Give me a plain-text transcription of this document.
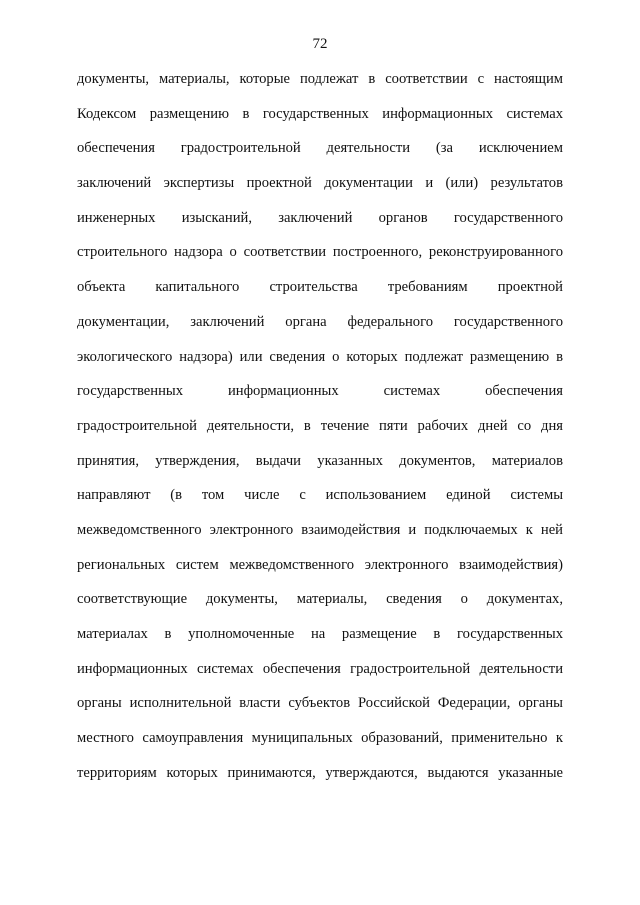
72
документы, материалы, которые подлежат в соответствии с настоящим
Кодексом размещению в государственных информационных системах
обеспечения градостроительной деятельности (за исключением
заключений экспертизы проектной документации и (или) результатов
инженерных изысканий, заключений органов государственного
строительного надзора о соответствии построенного, реконструированного
объекта капитального строительства требованиям проектной
документации, заключений органа федерального государственного
экологического надзора) или сведения о которых подлежат размещению в
государственных информационных системах обеспечения
градостроительной деятельности, в течение пяти рабочих дней со дня
принятия, утверждения, выдачи указанных документов, материалов
направляют (в том числе с использованием единой системы
межведомственного электронного взаимодействия и подключаемых к ней
региональных систем межведомственного электронного взаимодействия)
соответствующие документы, материалы, сведения о документах,
материалах в уполномоченные на размещение в государственных
информационных системах обеспечения градостроительной деятельности
органы исполнительной власти субъектов Российской Федерации, органы
местного самоуправления муниципальных образований, применительно к
территориям которых принимаются, утверждаются, выдаются указанные
